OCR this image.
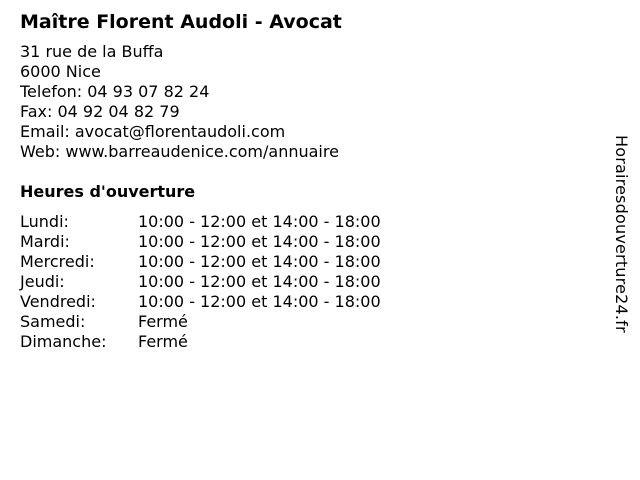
Maître Florent Audoli - Avocat
31 rue de la Buffa
6000 Nice
Telefon: 04 93 07 82 24
Fax: 04 92 04 82 79
Email: avocat@florentaudoli.com
Web: www.barreaudenice.com/annuaire
Heures d'ouverture
Lundi:	10:00 - 12:00 et 14:00 - 18:00
Mardi:	10:00 - 12:00 et 14:00 - 18:00
Mercredi:	10:00 - 12:00 et 14:00 - 18:00
Jeudi:	10:00 - 12:00 et 14:00 - 18:00
Vendredi:	10:00 - 12:00 et 14:00 - 18:00
Samedi:	Fermé
Dimanche:	Fermé
Horairesdouverture24.fr
